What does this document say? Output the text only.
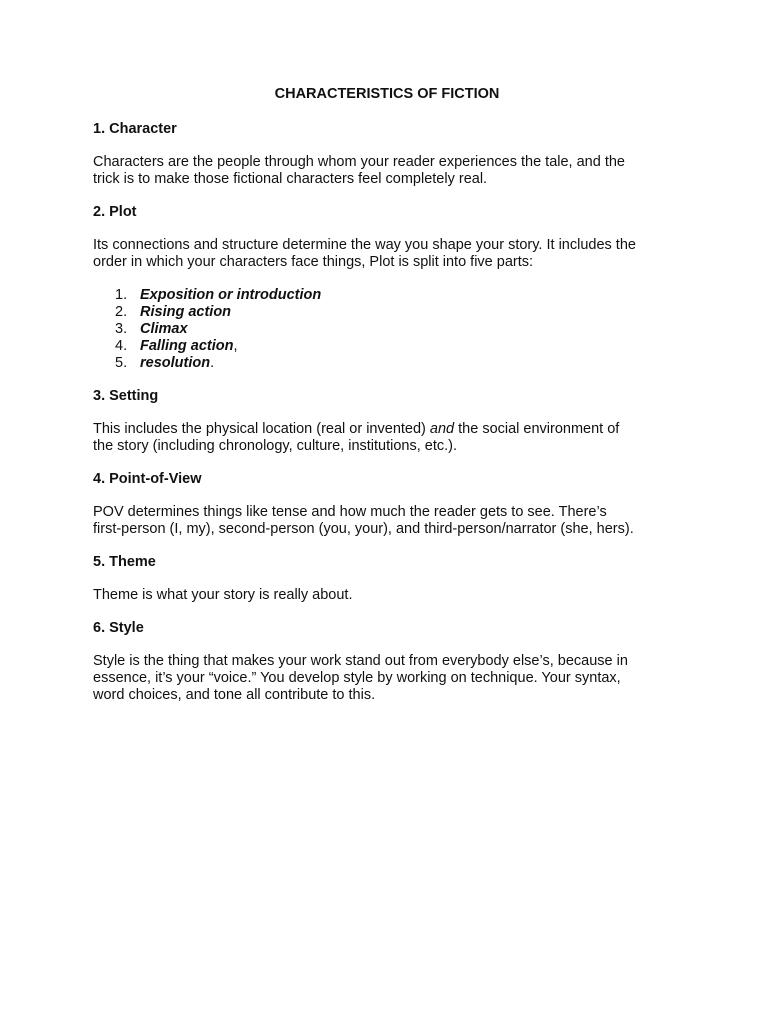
CHARACTERISTICS OF FICTION
1. Character
Characters are the people through whom your reader experiences the tale, and the
trick is to make those fictional characters feel completely real.
2. Plot
Its connections and structure determine the way you shape your story. It includes the
order in which your characters face things, Plot is split into five parts:
1. Exposition or introduction
2. Rising action
3. Climax
4. Falling action,
5. resolution.
3. Setting
This includes the physical location (real or invented) and the social environment of
the story (including chronology, culture, institutions, etc.).
4. Point-of-View
POV determines things like tense and how much the reader gets to see. There’s
first-person (I, my), second-person (you, your), and third-person/narrator (she, hers).
5. Theme
Theme is what your story is really about.
6. Style
Style is the thing that makes your work stand out from everybody else’s, because in
essence, it’s your “voice.” You develop style by working on technique. Your syntax,
word choices, and tone all contribute to this.
